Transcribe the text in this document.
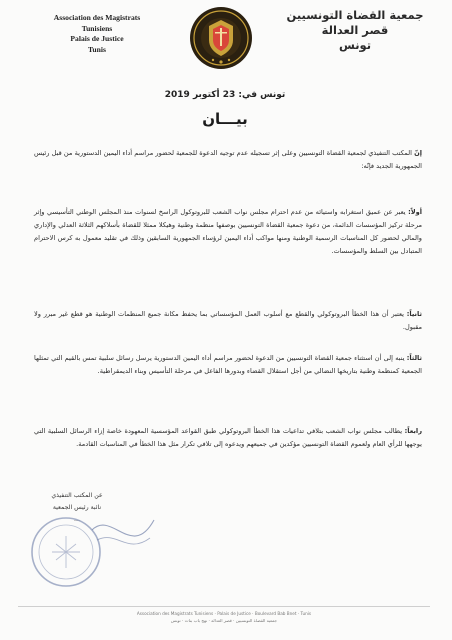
Association des Magistrats
Tunisiens
Palais de Justice
Tunis
جمعية القضاة التونسيين
قصر العدالة
تونس
تونس في: 23 أكتوبر 2019
بيـــان
إنّ المكتب التنفيذي لجمعية القضاة التونسيين وعلى إثر تسجيله عدم توجيه الدعوة للجمعية لحضور مراسم أداء اليمين الدستورية من قبل رئيس الجمهورية الجديد فإنّه:
أولاً: يعبر عن عميق استغرابه واستيائه من عدم احترام مجلس نواب الشعب للبروتوكول الراسخ لسنوات منذ المجلس الوطني التأسيسي وإثر مرحلة تركيز المؤسسات الدائمة، من دعوة جمعية القضاة التونسيين بوصفها منظمة وطنية وهيكلا ممثلا للقضاة بأسلاكهم الثلاثة العدلي والإداري والمالي لحضور كل المناسبات الرسمية الوطنية ومنها مواكب أداء اليمين لرؤساء الجمهورية السابقين وذلك في تقليد معمول به كرس الاحترام المتبادل بين السلط والمؤسسات.
ثانياً: يعتبر أن هذا الخطأ البروتوكولي والقطع مع أسلوب العمل المؤسساتي بما يحفظ مكانة جميع المنظمات الوطنية هو قطع غير مبرر ولا مقبول.
ثالثاً: ينبه إلى أن استثناء جمعية القضاة التونسيين من الدعوة لحضور مراسم أداء اليمين الدستورية يرسل رسائل سلبية تمس بالقيم التي تمثلها الجمعية كمنظمة وطنية بتاريخها النضالي من أجل استقلال القضاء وبدورها الفاعل في مرحلة التأسيس وبناء الديمقراطية.
رابعاً: يطالب مجلس نواب الشعب بتلافي تداعيات هذا الخطأ البروتوكولي طبق القواعد المؤسسية المعهودة خاصة إزاء الرسائل السلبية التي يوجهها للرأي العام ولعموم القضاة التونسيين مؤكدين في جميعهم ويدعوه إلى تلافي تكرار مثل هذا الخطأ في المناسبات القادمة.
عن المكتب التنفيذي
نائبة رئيس الجمعية
...
Association des Magistrats Tunisiens · Palais de Justice · Boulevard Bab Bnet · Tunis
جمعية القضاة التونسيين · قصر العدالة · نهج باب بنات · تونس
